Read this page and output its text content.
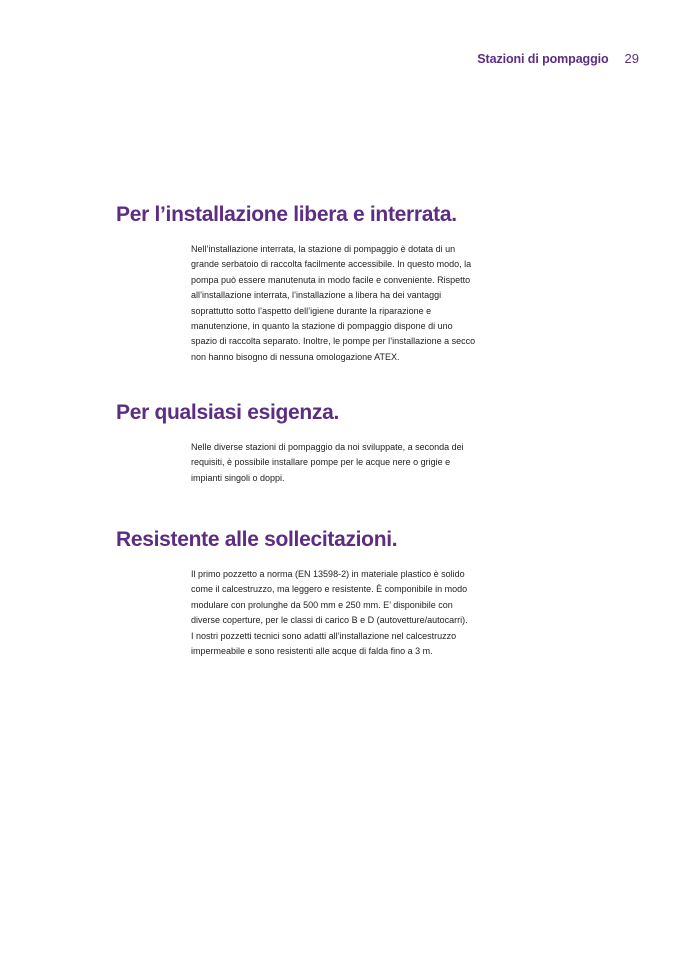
Stazioni di pompaggio 29
Per l’installazione libera e interrata.

Nell’installazione interrata, la stazione di pompaggio è dotata di un grande serbatoio di raccolta facilmente accessibile. In questo modo, la pompa può essere manutenuta in modo facile e conveniente. Rispetto all’installazione interrata, l’installazione a libera ha dei vantaggi soprattutto sotto l’aspetto dell’igiene durante la riparazione e manutenzione, in quanto la stazione di pompaggio dispone di uno spazio di raccolta separato. Inoltre, le pompe per l’installazione a secco non hanno bisogno di nessuna omologazione ATEX.

Per qualsiasi esigenza.

Nelle diverse stazioni di pompaggio da noi sviluppate, a seconda dei requisiti, è possibile installare pompe per le acque nere o grigie e impianti singoli o doppi.

Resistente alle sollecitazioni.

Il primo pozzetto a norma (EN 13598-2) in materiale plastico è solido come il calcestruzzo, ma leggero e resistente. È componibile in modo modulare con prolunghe da 500 mm e 250 mm. E’ disponibile con diverse coperture, per le classi di carico B e D (autovetture/autocarri).

I nostri pozzetti tecnici sono adatti all’installazione nel calcestruzzo impermeabile e sono resistenti alle acque di falda fino a 3 m.
